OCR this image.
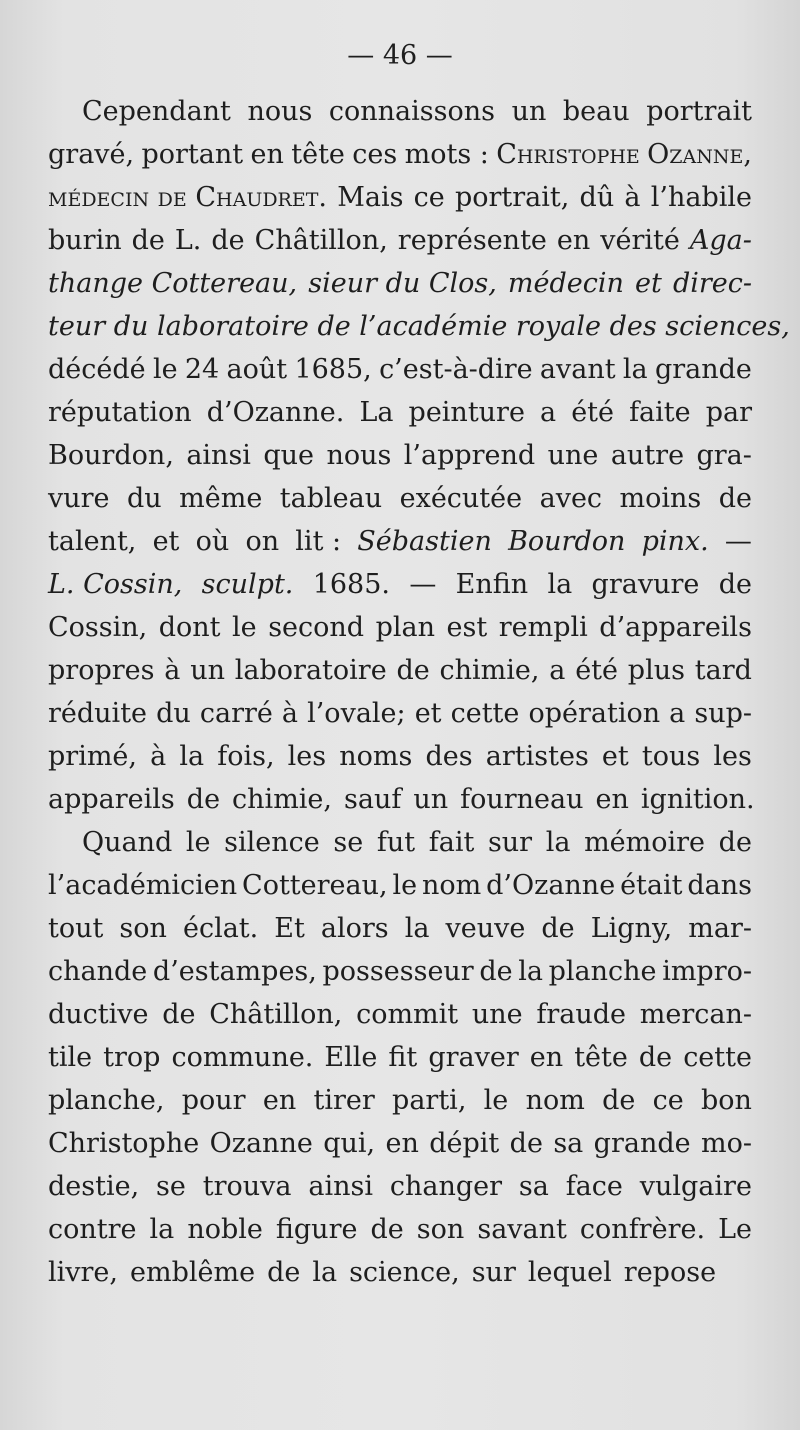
— 46 —
Cependant nous connaissons un beau portrait
gravé, portant en tête ces mots : Christophe Ozanne,
médecin de Chaudret. Mais ce portrait, dû à l’habile
burin de L. de Châtillon, représente en vérité Aga-
thange Cottereau, sieur du Clos, médecin et direc-
teur du laboratoire de l’académie royale des sciences,
décédé le 24 août 1685, c’est-à-dire avant la grande
réputation d’Ozanne. La peinture a été faite par
Bourdon, ainsi que nous l’apprend une autre gra-
vure du même tableau exécutée avec moins de
talent, et où on lit : Sébastien Bourdon pinx. —
L. Cossin, sculpt. 1685. — Enfin la gravure de
Cossin, dont le second plan est rempli d’appareils
propres à un laboratoire de chimie, a été plus tard
réduite du carré à l’ovale; et cette opération a sup-
primé, à la fois, les noms des artistes et tous les
appareils de chimie, sauf un fourneau en ignition.
Quand le silence se fut fait sur la mémoire de
l’académicien Cottereau, le nom d’Ozanne était dans
tout son éclat. Et alors la veuve de Ligny, mar-
chande d’estampes, possesseur de la planche impro-
ductive de Châtillon, commit une fraude mercan-
tile trop commune. Elle fit graver en tête de cette
planche, pour en tirer parti, le nom de ce bon
Christophe Ozanne qui, en dépit de sa grande mo-
destie, se trouva ainsi changer sa face vulgaire
contre la noble figure de son savant confrère. Le
livre, emblême de la science, sur lequel repose
